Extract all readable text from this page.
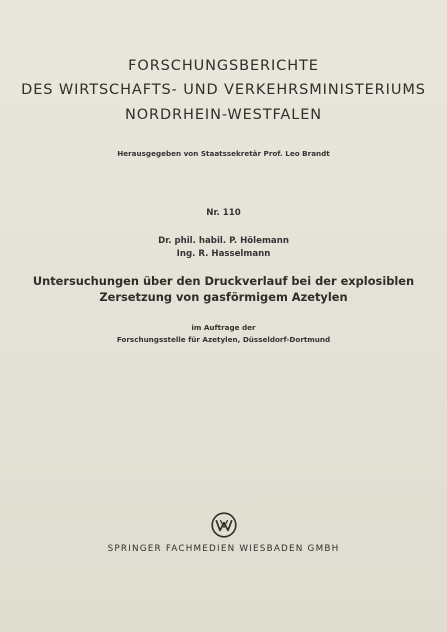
FORSCHUNGSBERICHTE
DES WIRTSCHAFTS- UND VERKEHRSMINISTERIUMS
NORDRHEIN-WESTFALEN
Herausgegeben von Staatssekretär Prof. Leo Brandt
Nr. 110
Dr. phil. habil. P. Hölemann
Ing. R. Hasselmann
Untersuchungen über den Druckverlauf bei der explosiblen
Zersetzung von gasförmigem Azetylen
im Auftrage der
Forschungsstelle für Azetylen, Düsseldorf-Dortmund
SPRINGER FACHMEDIEN WIESBADEN GMBH
